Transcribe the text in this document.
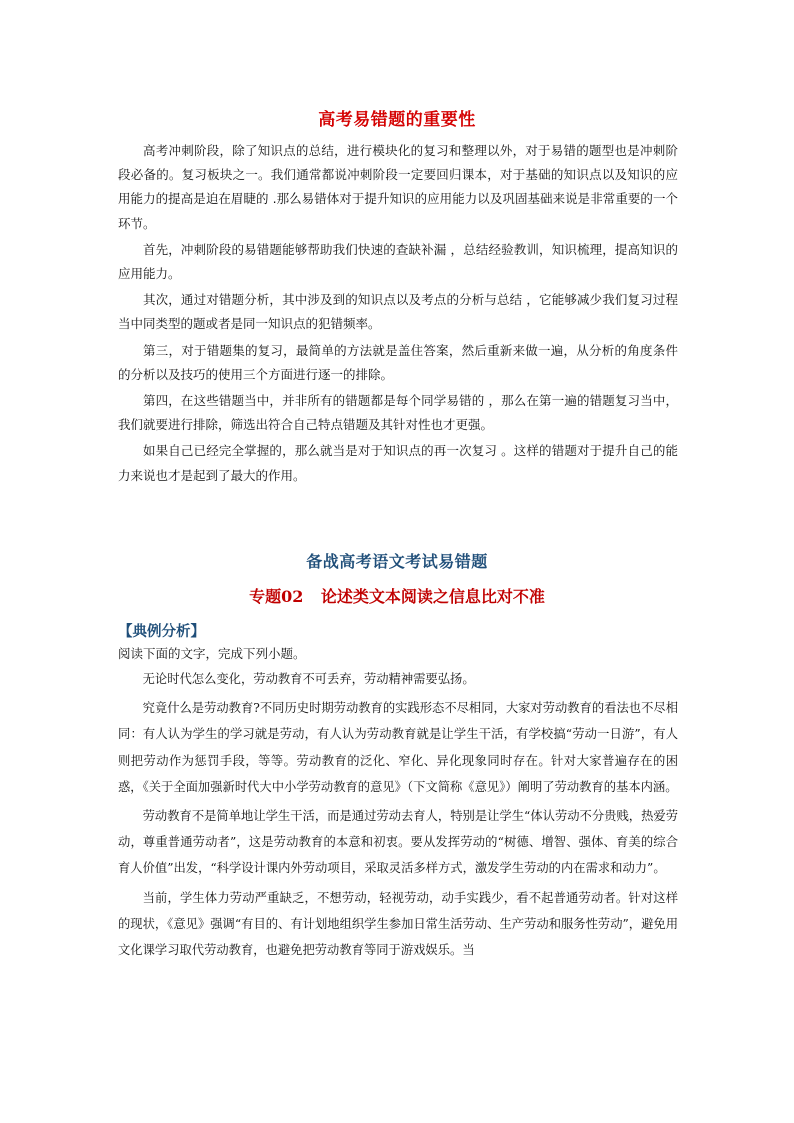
高考易错题的重要性

高考冲刺阶段，除了知识点的总结，进行模块化的复习和整理以外，对于易错的题型也是冲刺阶段必备的。复习板块之一。我们通常都说冲刺阶段一定要回归课本，对于基础的知识点以及知识的应用能力的提高是迫在眉睫的 .那么易错体对于提升知识的应用能力以及巩固基础来说是非常重要的一个环节。

首先，冲刺阶段的易错题能够帮助我们快速的查缺补漏 ，总结经验教训，知识梳理，提高知识的应用能力。

其次，通过对错题分析，其中涉及到的知识点以及考点的分析与总结 ，它能够减少我们复习过程当中同类型的题或者是同一知识点的犯错频率。

第三，对于错题集的复习，最简单的方法就是盖住答案，然后重新来做一遍，从分析的角度条件的分析以及技巧的使用三个方面进行逐一的排除。

第四，在这些错题当中，并非所有的错题都是每个同学易错的 ，那么在第一遍的错题复习当中，我们就要进行排除，筛选出符合自己特点错题及其针对性也才更强。

如果自己已经完全掌握的，那么就当是对于知识点的再一次复习 。这样的错题对于提升自己的能力来说也才是起到了最大的作用。

备战高考语文考试易错题
专题02 论述类文本阅读之信息比对不准
【典例分析】
阅读下面的文字，完成下列小题。

无论时代怎么变化，劳动教育不可丢弃，劳动精神需要弘扬。

究竟什么是劳动教育?不同历史时期劳动教育的实践形态不尽相同，大家对劳动教育的看法也不尽相同：有人认为学生的学习就是劳动，有人认为劳动教育就是让学生干活，有学校搞“劳动一日游”，有人则把劳动作为惩罚手段，等等。劳动教育的泛化、窄化、异化现象同时存在。针对大家普遍存在的困惑，《关于全面加强新时代大中小学劳动教育的意见》（下文简称《意见》）阐明了劳动教育的基本内涵。

劳动教育不是简单地让学生干活，而是通过劳动去育人，特别是让学生“体认劳动不分贵贱，热爱劳动，尊重普通劳动者”，这是劳动教育的本意和初衷。要从发挥劳动的“树德、增智、强体、育美的综合育人价值”出发，“科学设计课内外劳动项目，采取灵活多样方式，激发学生劳动的内在需求和动力”。

当前，学生体力劳动严重缺乏，不想劳动，轻视劳动，动手实践少，看不起普通劳动者。针对这样的现状，《意见》强调“有目的、有计划地组织学生参加日常生活劳动、生产劳动和服务性劳动”，避免用文化课学习取代劳动教育，也避免把劳动教育等同于游戏娱乐。当
